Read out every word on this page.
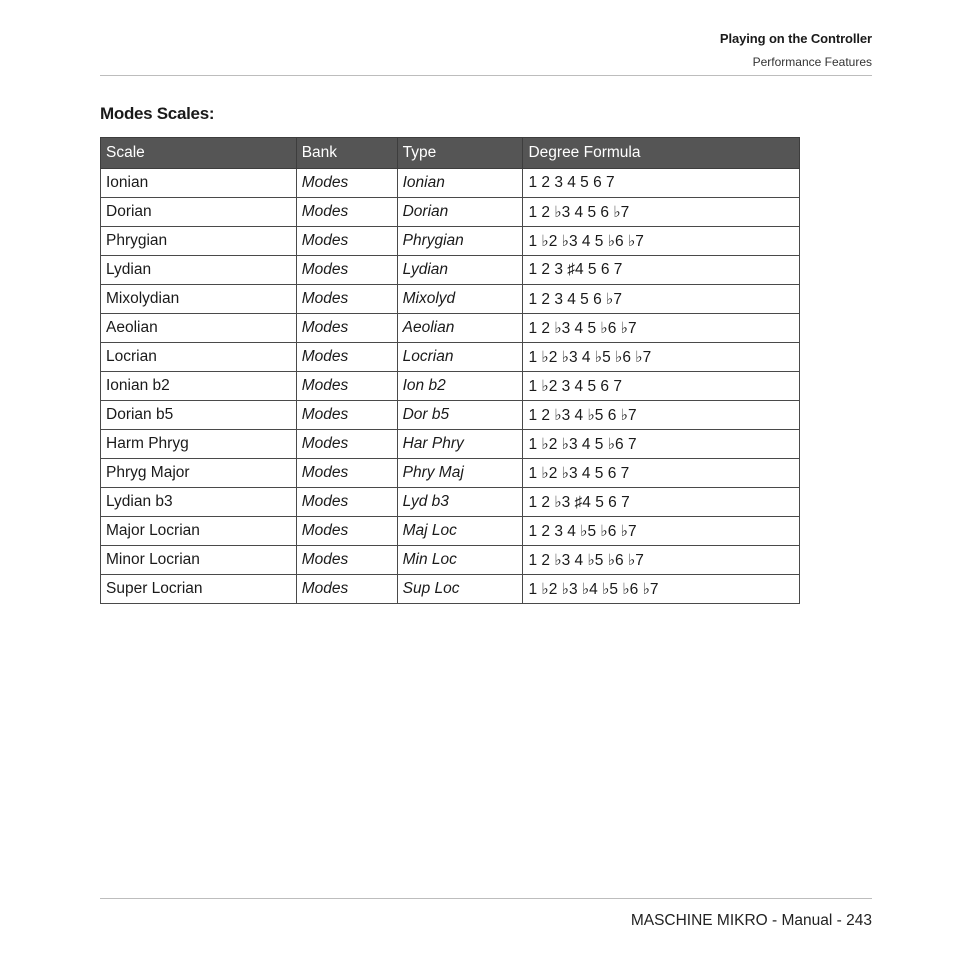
Playing on the Controller
Performance Features
Modes Scales:
Scale	Bank	Type	Degree Formula
Ionian	Modes	Ionian	1 2 3 4 5 6 7
Dorian	Modes	Dorian	1 2 ♭3 4 5 6 ♭7
Phrygian	Modes	Phrygian	1 ♭2 ♭3 4 5 ♭6 ♭7
Lydian	Modes	Lydian	1 2 3 ♯4 5 6 7
Mixolydian	Modes	Mixolyd	1 2 3 4 5 6 ♭7
Aeolian	Modes	Aeolian	1 2 ♭3 4 5 ♭6 ♭7
Locrian	Modes	Locrian	1 ♭2 ♭3 4 ♭5 ♭6 ♭7
Ionian b2	Modes	Ion b2	1 ♭2 3 4 5 6 7
Dorian b5	Modes	Dor b5	1 2 ♭3 4 ♭5 6 ♭7
Harm Phryg	Modes	Har Phry	1 ♭2 ♭3 4 5 ♭6 7
Phryg Major	Modes	Phry Maj	1 ♭2 ♭3 4 5 6 7
Lydian b3	Modes	Lyd b3	1 2 ♭3 ♯4 5 6 7
Major Locrian	Modes	Maj Loc	1 2 3 4 ♭5 ♭6 ♭7
Minor Locrian	Modes	Min Loc	1 2 ♭3 4 ♭5 ♭6 ♭7
Super Locrian	Modes	Sup Loc	1 ♭2 ♭3 ♭4 ♭5 ♭6 ♭7
MASCHINE MIKRO - Manual - 243
